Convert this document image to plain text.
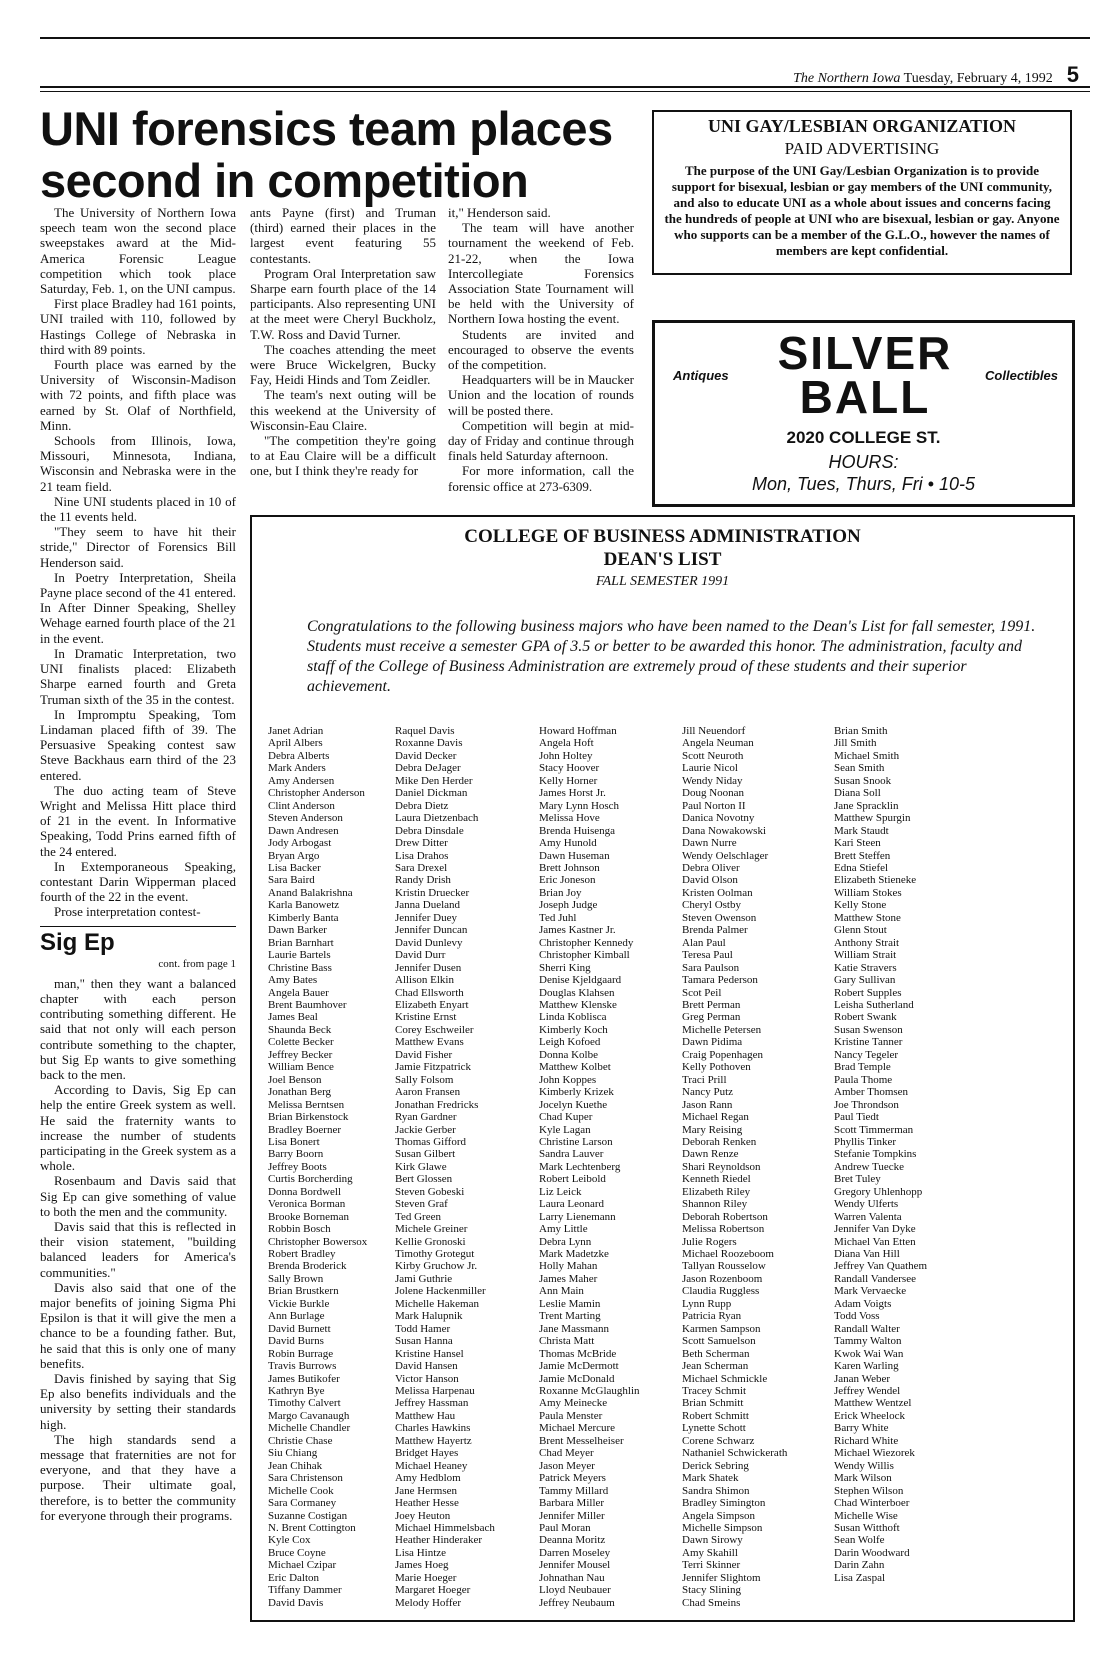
The Northern Iowa Tuesday, February 4, 1992 5
UNI forensics team places second in competition

The University of Northern Iowa speech team won the second place sweepstakes award at the Mid-America Forensic League competition which took place Saturday, Feb. 1, on the UNI campus.

First place Bradley had 161 points, UNI trailed with 110, followed by Hastings College of Nebraska in third with 89 points.

Fourth place was earned by the University of Wisconsin-Madison with 72 points, and fifth place was earned by St. Olaf of Northfield, Minn.

Schools from Illinois, Iowa, Missouri, Minnesota, Indiana, Wisconsin and Nebraska were in the 21 team field.

Nine UNI students placed in 10 of the 11 events held.

"They seem to have hit their stride," Director of Forensics Bill Henderson said.

In Poetry Interpretation, Sheila Payne place second of the 41 entered. In After Dinner Speaking, Shelley Wehage earned fourth place of the 21 in the event.

In Dramatic Interpretation, two UNI finalists placed: Elizabeth Sharpe earned fourth and Greta Truman sixth of the 35 in the contest.

In Impromptu Speaking, Tom Lindaman placed fifth of 39. The Persuasive Speaking contest saw Steve Backhaus earn third of the 23 entered.

The duo acting team of Steve Wright and Melissa Hitt place third of 21 in the event. In Informative Speaking, Todd Prins earned fifth of the 24 entered.

In Extemporaneous Speaking, contestant Darin Wipperman placed fourth of the 22 in the event.

Prose interpretation contest-

Sig Ep
cont. from page 1

man," then they want a balanced chapter with each person contributing something different. He said that not only will each person contribute something to the chapter, but Sig Ep wants to give something back to the men.

According to Davis, Sig Ep can help the entire Greek system as well. He said the fraternity wants to increase the number of students participating in the Greek system as a whole.

Rosenbaum and Davis said that Sig Ep can give something of value to both the men and the community.

Davis said that this is reflected in their vision statement, "building balanced leaders for America's communities."

Davis also said that one of the major benefits of joining Sigma Phi Epsilon is that it will give the men a chance to be a founding father. But, he said that this is only one of many benefits.

Davis finished by saying that Sig Ep also benefits individuals and the university by setting their standards high.

The high standards send a message that fraternities are not for everyone, and that they have a purpose. Their ultimate goal, therefore, is to better the community for everyone through their programs.

ants Payne (first) and Truman (third) earned their places in the largest event featuring 55 contestants.

Program Oral Interpretation saw Sharpe earn fourth place of the 14 participants. Also representing UNI at the meet were Cheryl Buckholz, T.W. Ross and David Turner.

The coaches attending the meet were Bruce Wickelgren, Bucky Fay, Heidi Hinds and Tom Zeidler.

The team's next outing will be this weekend at the University of Wisconsin-Eau Claire.

"The competition they're going to at Eau Claire will be a difficult one, but I think they're ready for

it," Henderson said.

The team will have another tournament the weekend of Feb. 21-22, when the Iowa Intercollegiate Forensics Association State Tournament will be held with the University of Northern Iowa hosting the event.

Students are invited and encouraged to observe the events of the competition.

Headquarters will be in Maucker Union and the location of rounds will be posted there.

Competition will begin at mid-day of Friday and continue through finals held Saturday afternoon.

For more information, call the forensic office at 273-6309.

UNI GAY/LESBIAN ORGANIZATION
PAID ADVERTISING

The purpose of the UNI Gay/Lesbian Organization is to provide support for bisexual, lesbian or gay members of the UNI community, and also to educate UNI as a whole about issues and concerns facing the hundreds of people at UNI who are bisexual, lesbian or gay. Anyone who supports can be a member of the G.L.O., however the names of members are kept confidential.

Antiques	Collectibles
SILVER
BALL
2020 COLLEGE ST.
HOURS:
Mon, Tues, Thurs, Fri • 10-5
COLLEGE OF BUSINESS ADMINISTRATION
DEAN'S LIST
FALL SEMESTER 1991
Congratulations to the following business majors who have been named to the Dean's List for fall semester, 1991. Students must receive a semester GPA of 3.5 or better to be awarded this honor. The administration, faculty and staff of the College of Business Administration are extremely proud of these students and their superior achievement.
Janet Adrian
April Albers
Debra Alberts
Mark Anders
Amy Andersen
Christopher Anderson
Clint Anderson
Steven Anderson
Dawn Andresen
Jody Arbogast
Bryan Argo
Lisa Backer
Sara Baird
Anand Balakrishna
Karla Banowetz
Kimberly Banta
Dawn Barker
Brian Barnhart
Laurie Bartels
Christine Bass
Amy Bates
Angela Bauer
Brent Baumhover
James Beal
Shaunda Beck
Colette Becker
Jeffrey Becker
William Bence
Joel Benson
Jonathan Berg
Melissa Berntsen
Brian Birkenstock
Bradley Boerner
Lisa Bonert
Barry Boorn
Jeffrey Boots
Curtis Borcherding
Donna Bordwell
Veronica Borman
Brooke Borneman
Robbin Bosch
Christopher Bowersox
Robert Bradley
Brenda Broderick
Sally Brown
Brian Brustkern
Vickie Burkle
Ann Burlage
David Burnett
David Burns
Robin Burrage
Travis Burrows
James Butikofer
Kathryn Bye
Timothy Calvert
Margo Cavanaugh
Michelle Chandler
Christie Chase
Siu Chiang
Jean Chihak
Sara Christenson
Michelle Cook
Sara Cormaney
Suzanne Costigan
N. Brent Cottington
Kyle Cox
Bruce Coyne
Michael Czipar
Eric Dalton
Tiffany Dammer
David Davis
Raquel Davis
Roxanne Davis
David Decker
Debra DeJager
Mike Den Herder
Daniel Dickman
Debra Dietz
Laura Dietzenbach
Debra Dinsdale
Drew Ditter
Lisa Drahos
Sara Drexel
Randy Drish
Kristin Druecker
Janna Dueland
Jennifer Duey
Jennifer Duncan
David Dunlevy
David Durr
Jennifer Dusen
Allison Elkin
Chad Ellsworth
Elizabeth Enyart
Kristine Ernst
Corey Eschweiler
Matthew Evans
David Fisher
Jamie Fitzpatrick
Sally Folsom
Aaron Fransen
Jonathan Fredricks
Ryan Gardner
Jackie Gerber
Thomas Gifford
Susan Gilbert
Kirk Glawe
Bert Glossen
Steven Gobeski
Steven Graf
Ted Green
Michele Greiner
Kellie Gronoski
Timothy Grotegut
Kirby Gruchow Jr.
Jami Guthrie
Jolene Hackenmiller
Michelle Hakeman
Mark Halupnik
Todd Hamer
Susan Hanna
Kristine Hansel
David Hansen
Victor Hanson
Melissa Harpenau
Jeffrey Hassman
Matthew Hau
Charles Hawkins
Matthew Hayertz
Bridget Hayes
Michael Heaney
Amy Hedblom
Jane Hermsen
Heather Hesse
Joey Heuton
Michael Himmelsbach
Heather Hinderaker
Lisa Hintze
James Hoeg
Marie Hoeger
Margaret Hoeger
Melody Hoffer
Howard Hoffman
Angela Hoft
John Holtey
Stacy Hoover
Kelly Horner
James Horst Jr.
Mary Lynn Hosch
Melissa Hove
Brenda Huisenga
Amy Hunold
Dawn Huseman
Brett Johnson
Eric Joneson
Brian Joy
Joseph Judge
Ted Juhl
James Kastner Jr.
Christopher Kennedy
Christopher Kimball
Sherri King
Denise Kjeldgaard
Douglas Klahsen
Matthew Klenske
Linda Koblisca
Kimberly Koch
Leigh Kofoed
Donna Kolbe
Matthew Kolbet
John Koppes
Kimberly Krizek
Jocelyn Kuethe
Chad Kuper
Kyle Lagan
Christine Larson
Sandra Lauver
Mark Lechtenberg
Robert Leibold
Liz Leick
Laura Leonard
Larry Lienemann
Amy Little
Debra Lynn
Mark Madetzke
Holly Mahan
James Maher
Ann Main
Leslie Mamin
Trent Marting
Jane Massmann
Christa Matt
Thomas McBride
Jamie McDermott
Jamie McDonald
Roxanne McGlaughlin
Amy Meinecke
Paula Menster
Michael Mercure
Brent Messelheiser
Chad Meyer
Jason Meyer
Patrick Meyers
Tammy Millard
Barbara Miller
Jennifer Miller
Paul Moran
Deanna Moritz
Darren Moseley
Jennifer Mousel
Johnathan Nau
Lloyd Neubauer
Jeffrey Neubaum
Jill Neuendorf
Angela Neuman
Scott Neuroth
Laurie Nicol
Wendy Niday
Doug Noonan
Paul Norton II
Danica Novotny
Dana Nowakowski
Dawn Nurre
Wendy Oelschlager
Debra Oliver
David Olson
Kristen Oolman
Cheryl Ostby
Steven Owenson
Brenda Palmer
Alan Paul
Teresa Paul
Sara Paulson
Tamara Pederson
Scot Peil
Brett Perman
Greg Perman
Michelle Petersen
Dawn Pidima
Craig Popenhagen
Kelly Pothoven
Traci Prill
Nancy Putz
Jason Rann
Michael Regan
Mary Reising
Deborah Renken
Dawn Renze
Shari Reynoldson
Kenneth Riedel
Elizabeth Riley
Shannon Riley
Deborah Robertson
Melissa Robertson
Julie Rogers
Michael Roozeboom
Tallyan Rousselow
Jason Rozenboom
Claudia Ruggless
Lynn Rupp
Patricia Ryan
Karmen Sampson
Scott Samuelson
Beth Scherman
Jean Scherman
Michael Schmickle
Tracey Schmit
Brian Schmitt
Robert Schmitt
Lynette Schott
Corene Schwarz
Nathaniel Schwickerath
Derick Sebring
Mark Shatek
Sandra Shimon
Bradley Simington
Angela Simpson
Michelle Simpson
Dawn Sirowy
Amy Skahill
Terri Skinner
Jennifer Slightom
Stacy Slining
Chad Smeins
Brian Smith
Jill Smith
Michael Smith
Sean Smith
Susan Snook
Diana Soll
Jane Spracklin
Matthew Spurgin
Mark Staudt
Kari Steen
Brett Steffen
Edna Stiefel
Elizabeth Stieneke
William Stokes
Kelly Stone
Matthew Stone
Glenn Stout
Anthony Strait
William Strait
Katie Stravers
Gary Sullivan
Robert Supples
Leisha Sutherland
Robert Swank
Susan Swenson
Kristine Tanner
Nancy Tegeler
Brad Temple
Paula Thome
Amber Thomsen
Joe Throndson
Paul Tiedt
Scott Timmerman
Phyllis Tinker
Stefanie Tompkins
Andrew Tuecke
Bret Tuley
Gregory Uhlenhopp
Wendy Ulferts
Warren Valenta
Jennifer Van Dyke
Michael Van Etten
Diana Van Hill
Jeffrey Van Quathem
Randall Vandersee
Mark Vervaecke
Adam Voigts
Todd Voss
Randall Walter
Tammy Walton
Kwok Wai Wan
Karen Warling
Janan Weber
Jeffrey Wendel
Matthew Wentzel
Erick Wheelock
Barry White
Richard White
Michael Wiezorek
Wendy Willis
Mark Wilson
Stephen Wilson
Chad Winterboer
Michelle Wise
Susan Witthoft
Sean Wolfe
Darin Woodward
Darin Zahn
Lisa Zaspal
